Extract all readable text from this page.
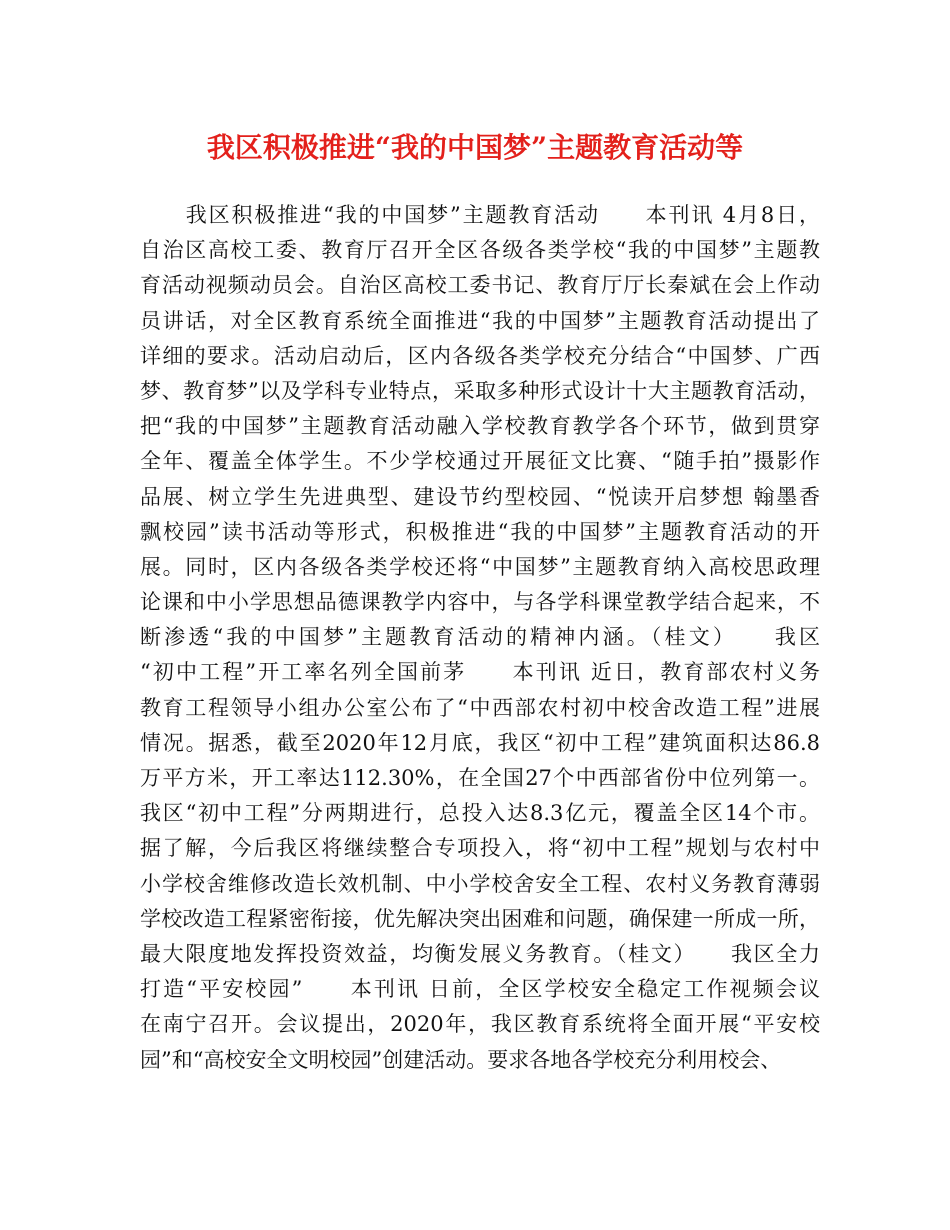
我区积极推进“我的中国梦”主题教育活动等
　　我区积极推进“我的中国梦”主题教育活动　　本刊讯 4月8日，
自治区高校工委、教育厅召开全区各级各类学校“我的中国梦”主题教
育活动视频动员会。自治区高校工委书记、教育厅厅长秦斌在会上作动
员讲话，对全区教育系统全面推进“我的中国梦”主题教育活动提出了
详细的要求。活动启动后，区内各级各类学校充分结合“中国梦、广西
梦、教育梦”以及学科专业特点，采取多种形式设计十大主题教育活动，
把“我的中国梦”主题教育活动融入学校教育教学各个环节，做到贯穿
全年、覆盖全体学生。不少学校通过开展征文比赛、“随手拍”摄影作
品展、树立学生先进典型、建设节约型校园、“悦读开启梦想 翰墨香
飘校园”读书活动等形式，积极推进“我的中国梦”主题教育活动的开
展。同时，区内各级各类学校还将“中国梦”主题教育纳入高校思政理
论课和中小学思想品德课教学内容中，与各学科课堂教学结合起来，不
断渗透“我的中国梦”主题教育活动的精神内涵。（桂文）　　我区
“初中工程”开工率名列全国前茅　　本刊讯 近日，教育部农村义务
教育工程领导小组办公室公布了“中西部农村初中校舍改造工程”进展
情况。据悉，截至2020年12月底，我区“初中工程”建筑面积达86.8
万平方米，开工率达112.30%，在全国27个中西部省份中位列第一。
我区“初中工程”分两期进行，总投入达8.3亿元，覆盖全区14个市。
据了解，今后我区将继续整合专项投入，将“初中工程”规划与农村中
小学校舍维修改造长效机制、中小学校舍安全工程、农村义务教育薄弱
学校改造工程紧密衔接，优先解决突出困难和问题，确保建一所成一所，
最大限度地发挥投资效益，均衡发展义务教育。（桂文）　　我区全力
打造“平安校园”　　本刊讯 日前，全区学校安全稳定工作视频会议
在南宁召开。会议提出，2020年，我区教育系统将全面开展“平安校
园”和“高校安全文明校园”创建活动。要求各地各学校充分利用校会、
